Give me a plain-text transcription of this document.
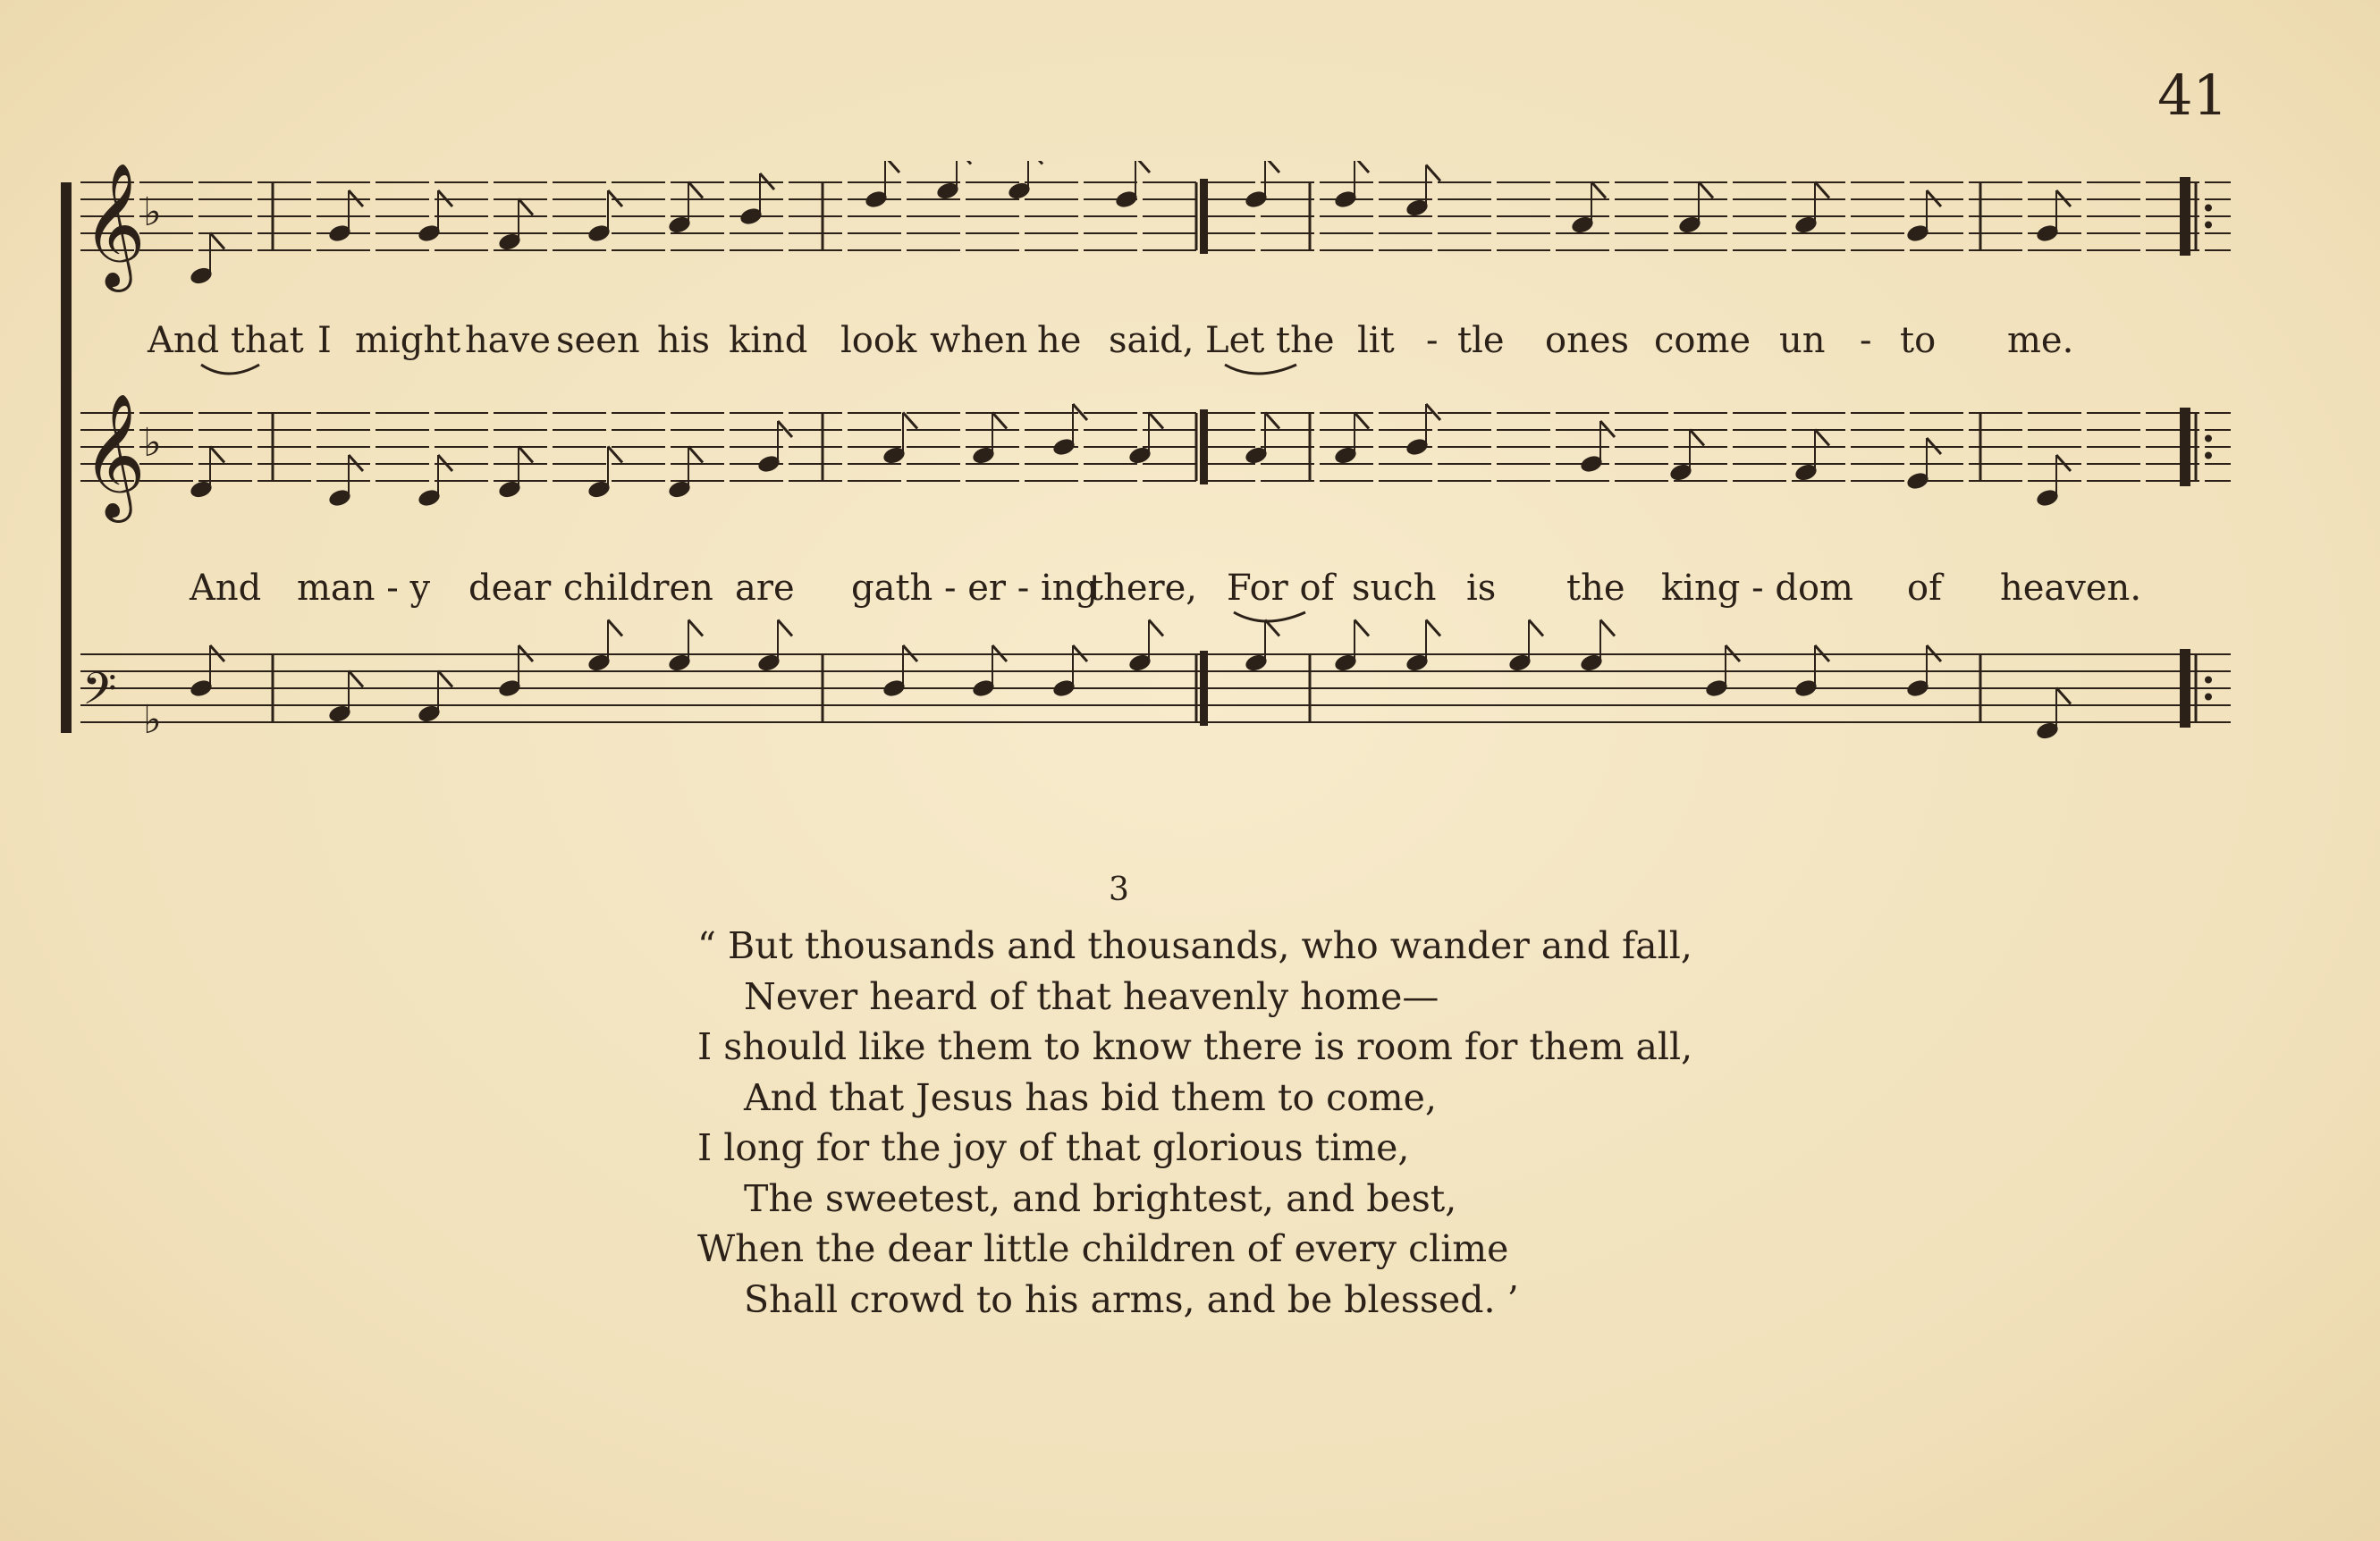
41
𝄞
♭
𝄞
♭
𝄢 ♭
And that I might have seen his kind look when he said, Let the lit - tle ones come un - to me.
And man - y dear children are gath - er - ing
there, For of such is the king - dom of heaven.
3
“ But thousands and thousands, who wander and fall,
Never heard of that heavenly home—
I should like them to know there is room for them all,
And that Jesus has bid them to come,
I long for the joy of that glorious time,
The sweetest, and brightest, and best,
When the dear little children of every clime
Shall crowd to his arms, and be blessed. ’
